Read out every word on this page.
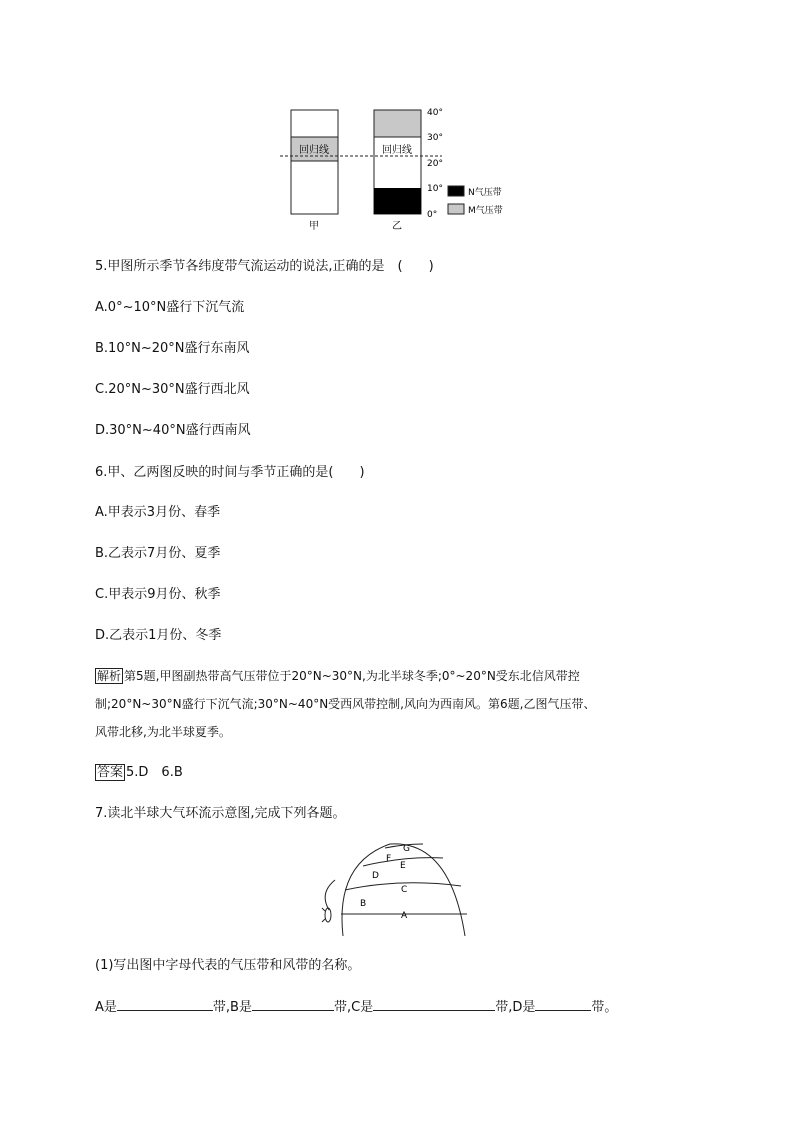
回归线	回归线
40°
30°
20°
10°
0°
甲	乙
N气压带
M气压带
5.甲图所示季节各纬度带气流运动的说法,正确的是　(　　)
A.0°~10°N盛行下沉气流
B.10°N~20°N盛行东南风
C.20°N~30°N盛行西北风
D.30°N~40°N盛行西南风
6.甲、乙两图反映的时间与季节正确的是(　　)
A.甲表示3月份、春季
B.乙表示7月份、夏季
C.甲表示9月份、秋季
D.乙表示1月份、冬季
解析 第5题,甲图副热带高气压带位于20°N~30°N,为北半球冬季;0°~20°N受东北信风带控
制;20°N~30°N盛行下沉气流;30°N~40°N受西风带控制,风向为西南风。第6题,乙图气压带、
风带北移,为北半球夏季。
答案 5.D　6.B
7.读北半球大气环流示意图,完成下列各题。
G
F
E
D
C
B
A
(1)写出图中字母代表的气压带和风带的名称。
A是	带,B是	带,C是	带,D是	带。
